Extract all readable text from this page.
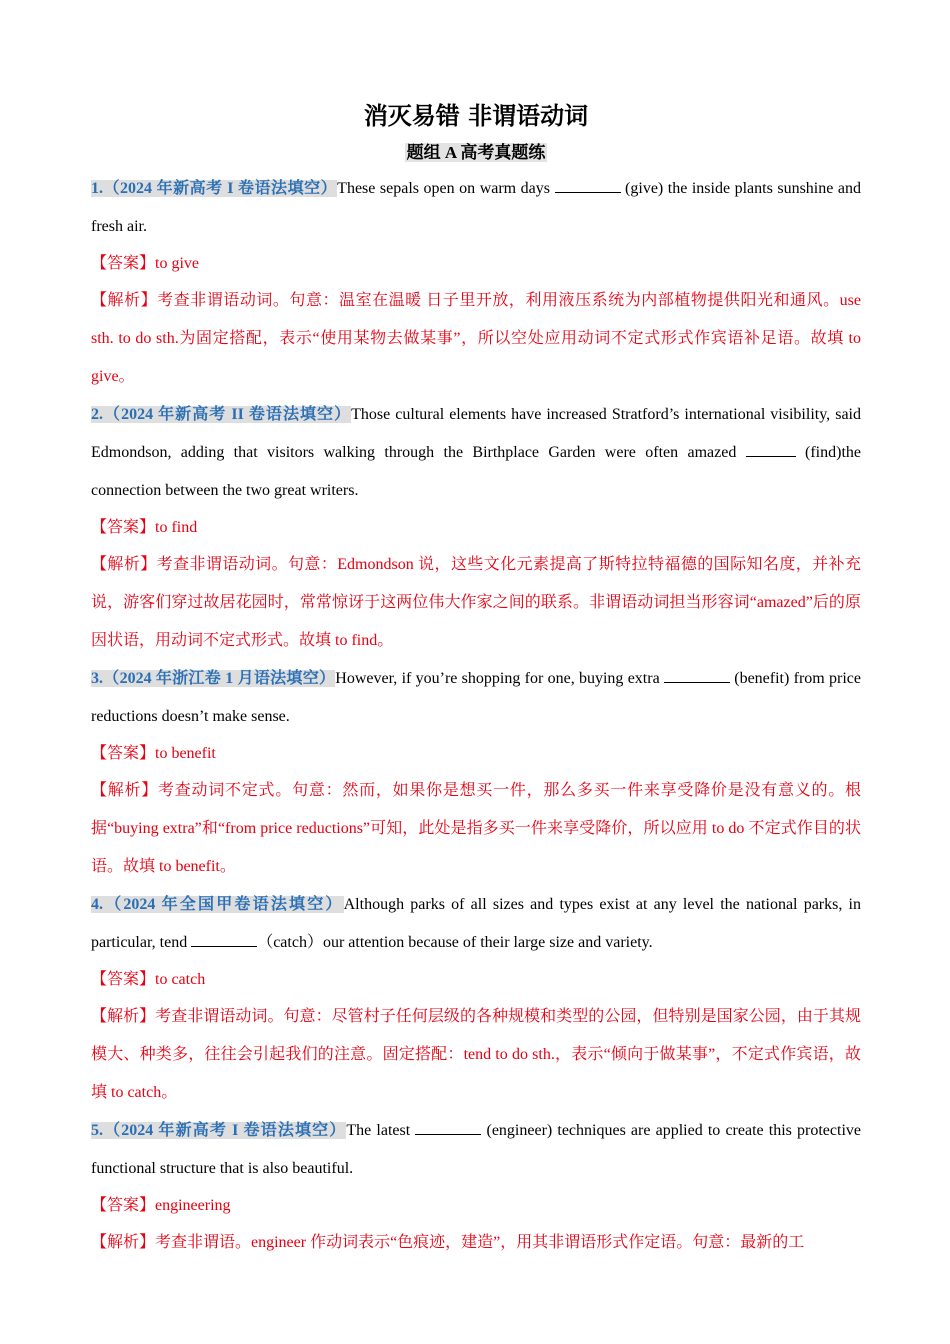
消灭易错 非谓语动词
题组 A 高考真题练

1.（2024 年新高考 I 卷语法填空）These sepals open on warm days	(give) the inside plants sunshine and fresh air.

【答案】to give

【解析】考查非谓语动词。句意：温室在温暖 日子里开放，利用液压系统为内部植物提供阳光和通风。use sth. to do sth.为固定搭配，表示“使用某物去做某事”，所以空处应用动词不定式形式作宾语补足语。故填 to give。

2.（2024 年新高考 II 卷语法填空）Those cultural elements have increased Stratford’s international visibility, said Edmondson, adding that visitors walking through the Birthplace Garden were often amazed	(find)the connection between the two great writers.

【答案】to find

【解析】考查非谓语动词。句意：Edmondson 说，这些文化元素提高了斯特拉特福德的国际知名度，并补充说，游客们穿过故居花园时，常常惊讶于这两位伟大作家之间的联系。非谓语动词担当形容词“amazed”后的原因状语，用动词不定式形式。故填 to find。

3.（2024 年浙江卷 1 月语法填空）However, if you’re shopping for one, buying extra	(benefit) from price reductions doesn’t make sense.

【答案】to benefit

【解析】考查动词不定式。句意：然而，如果你是想买一件，那么多买一件来享受降价是没有意义的。根据“buying extra”和“from price reductions”可知，此处是指多买一件来享受降价，所以应用 to do 不定式作目的状语。故填 to benefit。

4.（2024 年全国甲卷语法填空）Although parks of all sizes and types exist at any level the national parks, in particular, tend	（catch）our attention because of their large size and variety.

【答案】to catch

【解析】考查非谓语动词。句意：尽管村子任何层级的各种规模和类型的公园，但特别是国家公园，由于其规模大、种类多，往往会引起我们的注意。固定搭配：tend to do sth.，表示“倾向于做某事”，不定式作宾语，故填 to catch。

5.（2024 年新高考 I 卷语法填空）The latest	(engineer) techniques are applied to create this protective functional structure that is also beautiful.

【答案】engineering

【解析】考查非谓语。engineer 作动词表示“色痕迹，建造”，用其非谓语形式作定语。句意：最新的工
